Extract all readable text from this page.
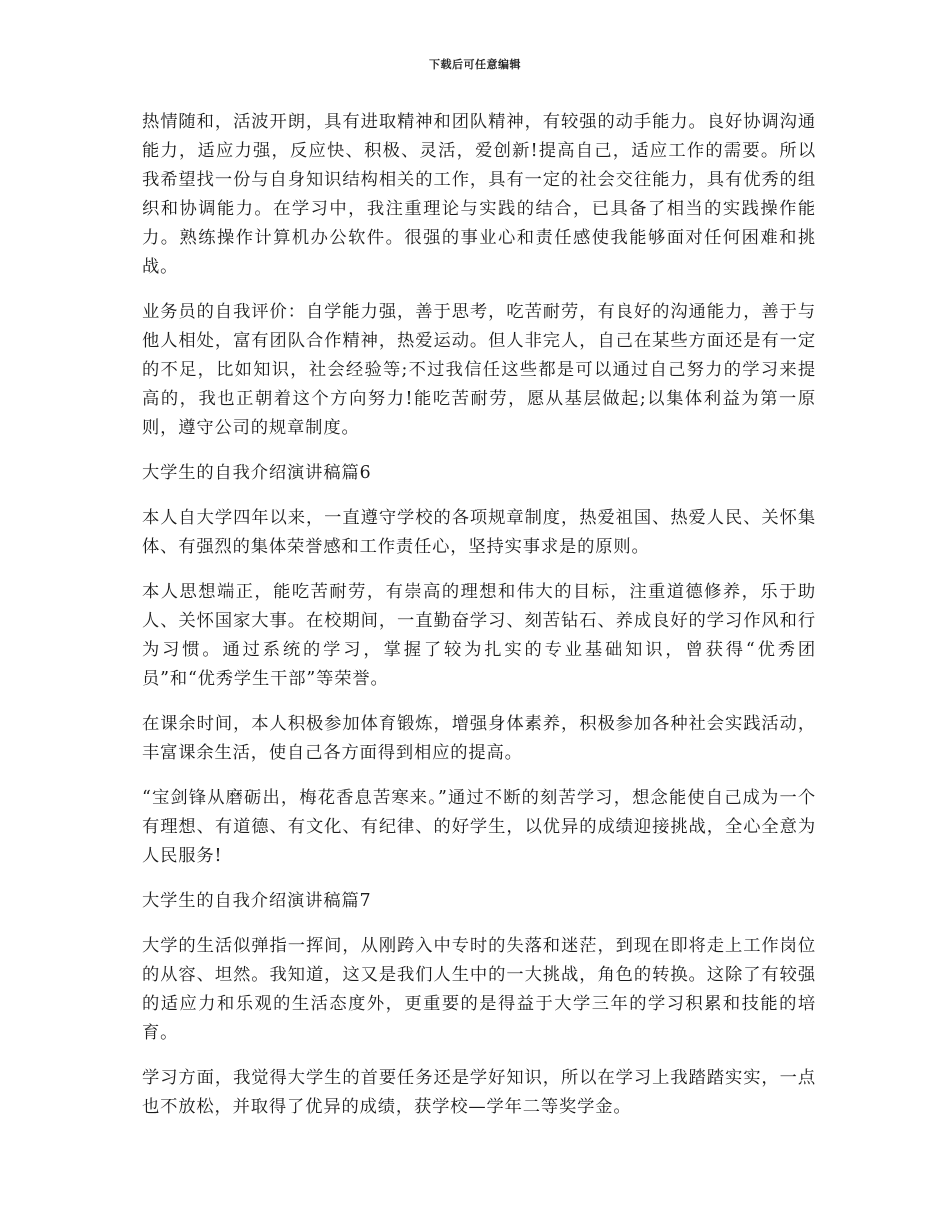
下载后可任意编辑

热情随和，活波开朗，具有进取精神和团队精神，有较强的动手能力。良好协调沟通能力，适应力强，反应快、积极、灵活，爱创新!提高自己，适应工作的需要。所以我希望找一份与自身知识结构相关的工作，具有一定的社会交往能力，具有优秀的组织和协调能力。在学习中，我注重理论与实践的结合，已具备了相当的实践操作能力。熟练操作计算机办公软件。很强的事业心和责任感使我能够面对任何困难和挑战。

业务员的自我评价：自学能力强，善于思考，吃苦耐劳，有良好的沟通能力，善于与他人相处，富有团队合作精神，热爱运动。但人非完人，自己在某些方面还是有一定的不足，比如知识，社会经验等;不过我信任这些都是可以通过自己努力的学习来提高的，我也正朝着这个方向努力!能吃苦耐劳，愿从基层做起;以集体利益为第一原则，遵守公司的规章制度。

大学生的自我介绍演讲稿篇6

本人自大学四年以来，一直遵守学校的各项规章制度，热爱祖国、热爱人民、关怀集体、有强烈的集体荣誉感和工作责任心，坚持实事求是的原则。

本人思想端正，能吃苦耐劳，有崇高的理想和伟大的目标，注重道德修养，乐于助人、关怀国家大事。在校期间，一直勤奋学习、刻苦钻石、养成良好的学习作风和行为习惯。通过系统的学习，掌握了较为扎实的专业基础知识，曾获得“优秀团员”和“优秀学生干部”等荣誉。

在课余时间，本人积极参加体育锻炼，增强身体素养，积极参加各种社会实践活动，丰富课余生活，使自己各方面得到相应的提高。

“宝剑锋从磨砺出，梅花香息苦寒来。”通过不断的刻苦学习，想念能使自己成为一个有理想、有道德、有文化、有纪律、的好学生，以优异的成绩迎接挑战，全心全意为人民服务!

大学生的自我介绍演讲稿篇7

大学的生活似弹指一挥间，从刚跨入中专时的失落和迷茫，到现在即将走上工作岗位的从容、坦然。我知道，这又是我们人生中的一大挑战，角色的转换。这除了有较强的适应力和乐观的生活态度外，更重要的是得益于大学三年的学习积累和技能的培育。

学习方面，我觉得大学生的首要任务还是学好知识，所以在学习上我踏踏实实，一点也不放松，并取得了优异的成绩，获学校—学年二等奖学金。
